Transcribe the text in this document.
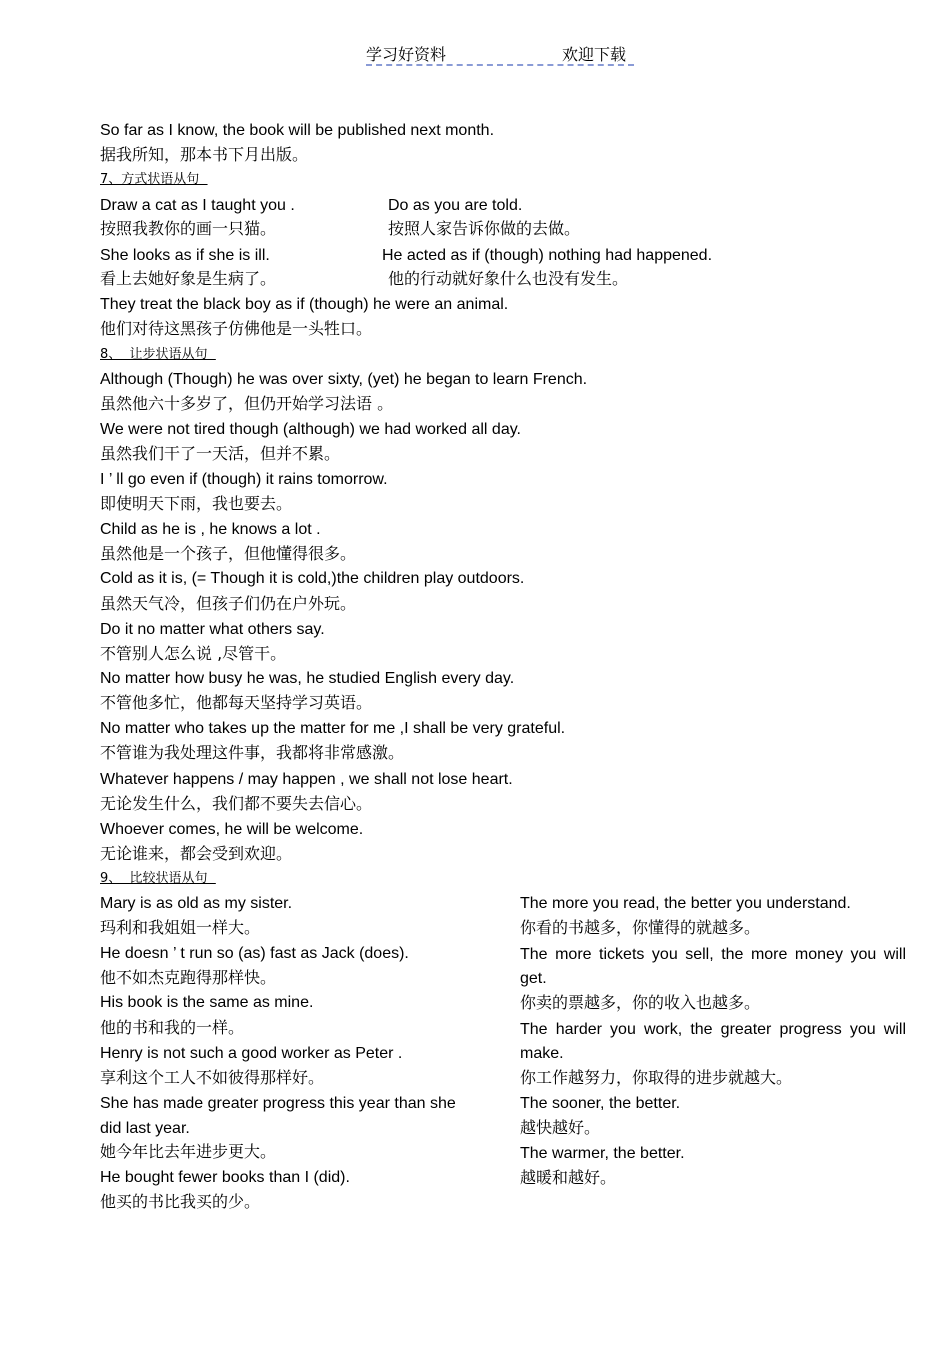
学习好资料	欢迎下载
So far as I know, the book will be published next month.
据我所知，那本书下月出版。
7、方式状语从句
Draw a cat as I taught you .	Do as you are told.
按照我教你的画一只猫。	按照人家告诉你做的去做。
She looks as if she is ill.	He acted as if (though) nothing had happened.
看上去她好象是生病了。	他的行动就好象什么也没有发生。
They treat the black boy as if (though) he were an animal.
他们对待这黑孩子仿佛他是一头牲口。
8、  让步状语从句
Although (Though) he was over sixty, (yet) he began to learn French.
虽然他六十多岁了，但仍开始学习法语 。
We were not tired though (although) we had worked all day.
虽然我们干了一天活，但并不累。
I ’ ll go even if (though) it rains tomorrow.
即使明天下雨，我也要去。
Child as he is , he knows a lot .
虽然他是一个孩子，但他懂得很多。
Cold as it is, (= Though it is cold,)the children play outdoors.
虽然天气冷，但孩子们仍在户外玩。
Do it no matter what others say.
不管别人怎么说 ,尽管干。
No matter how busy he was, he studied English every day.
不管他多忙，他都每天坚持学习英语。
No matter who takes up the matter for me ,I shall be very grateful.
不管谁为我处理这件事，我都将非常感激。
Whatever happens / may happen , we shall not lose heart.
无论发生什么，我们都不要失去信心。
Whoever comes, he will be welcome.
无论谁来，都会受到欢迎。
9、  比较状语从句
Mary is as old as my sister.
玛利和我姐姐一样大。
He doesn ’ t run so (as) fast as Jack (does).
他不如杰克跑得那样快。
His book is the same as mine.
他的书和我的一样。
Henry is not such a good worker as Peter .
享利这个工人不如彼得那样好。
She has made greater progress this year than she
did last year.
她今年比去年进步更大。
He bought fewer books than I (did).
他买的书比我买的少。
The more you read, the better you understand.
你看的书越多，你懂得的就越多。
The more tickets you sell, the more money you will get.
你卖的票越多，你的收入也越多。
The harder you work, the greater progress you will make.
你工作越努力，你取得的进步就越大。
The sooner, the better.
越快越好。
The warmer, the better.
越暖和越好。
